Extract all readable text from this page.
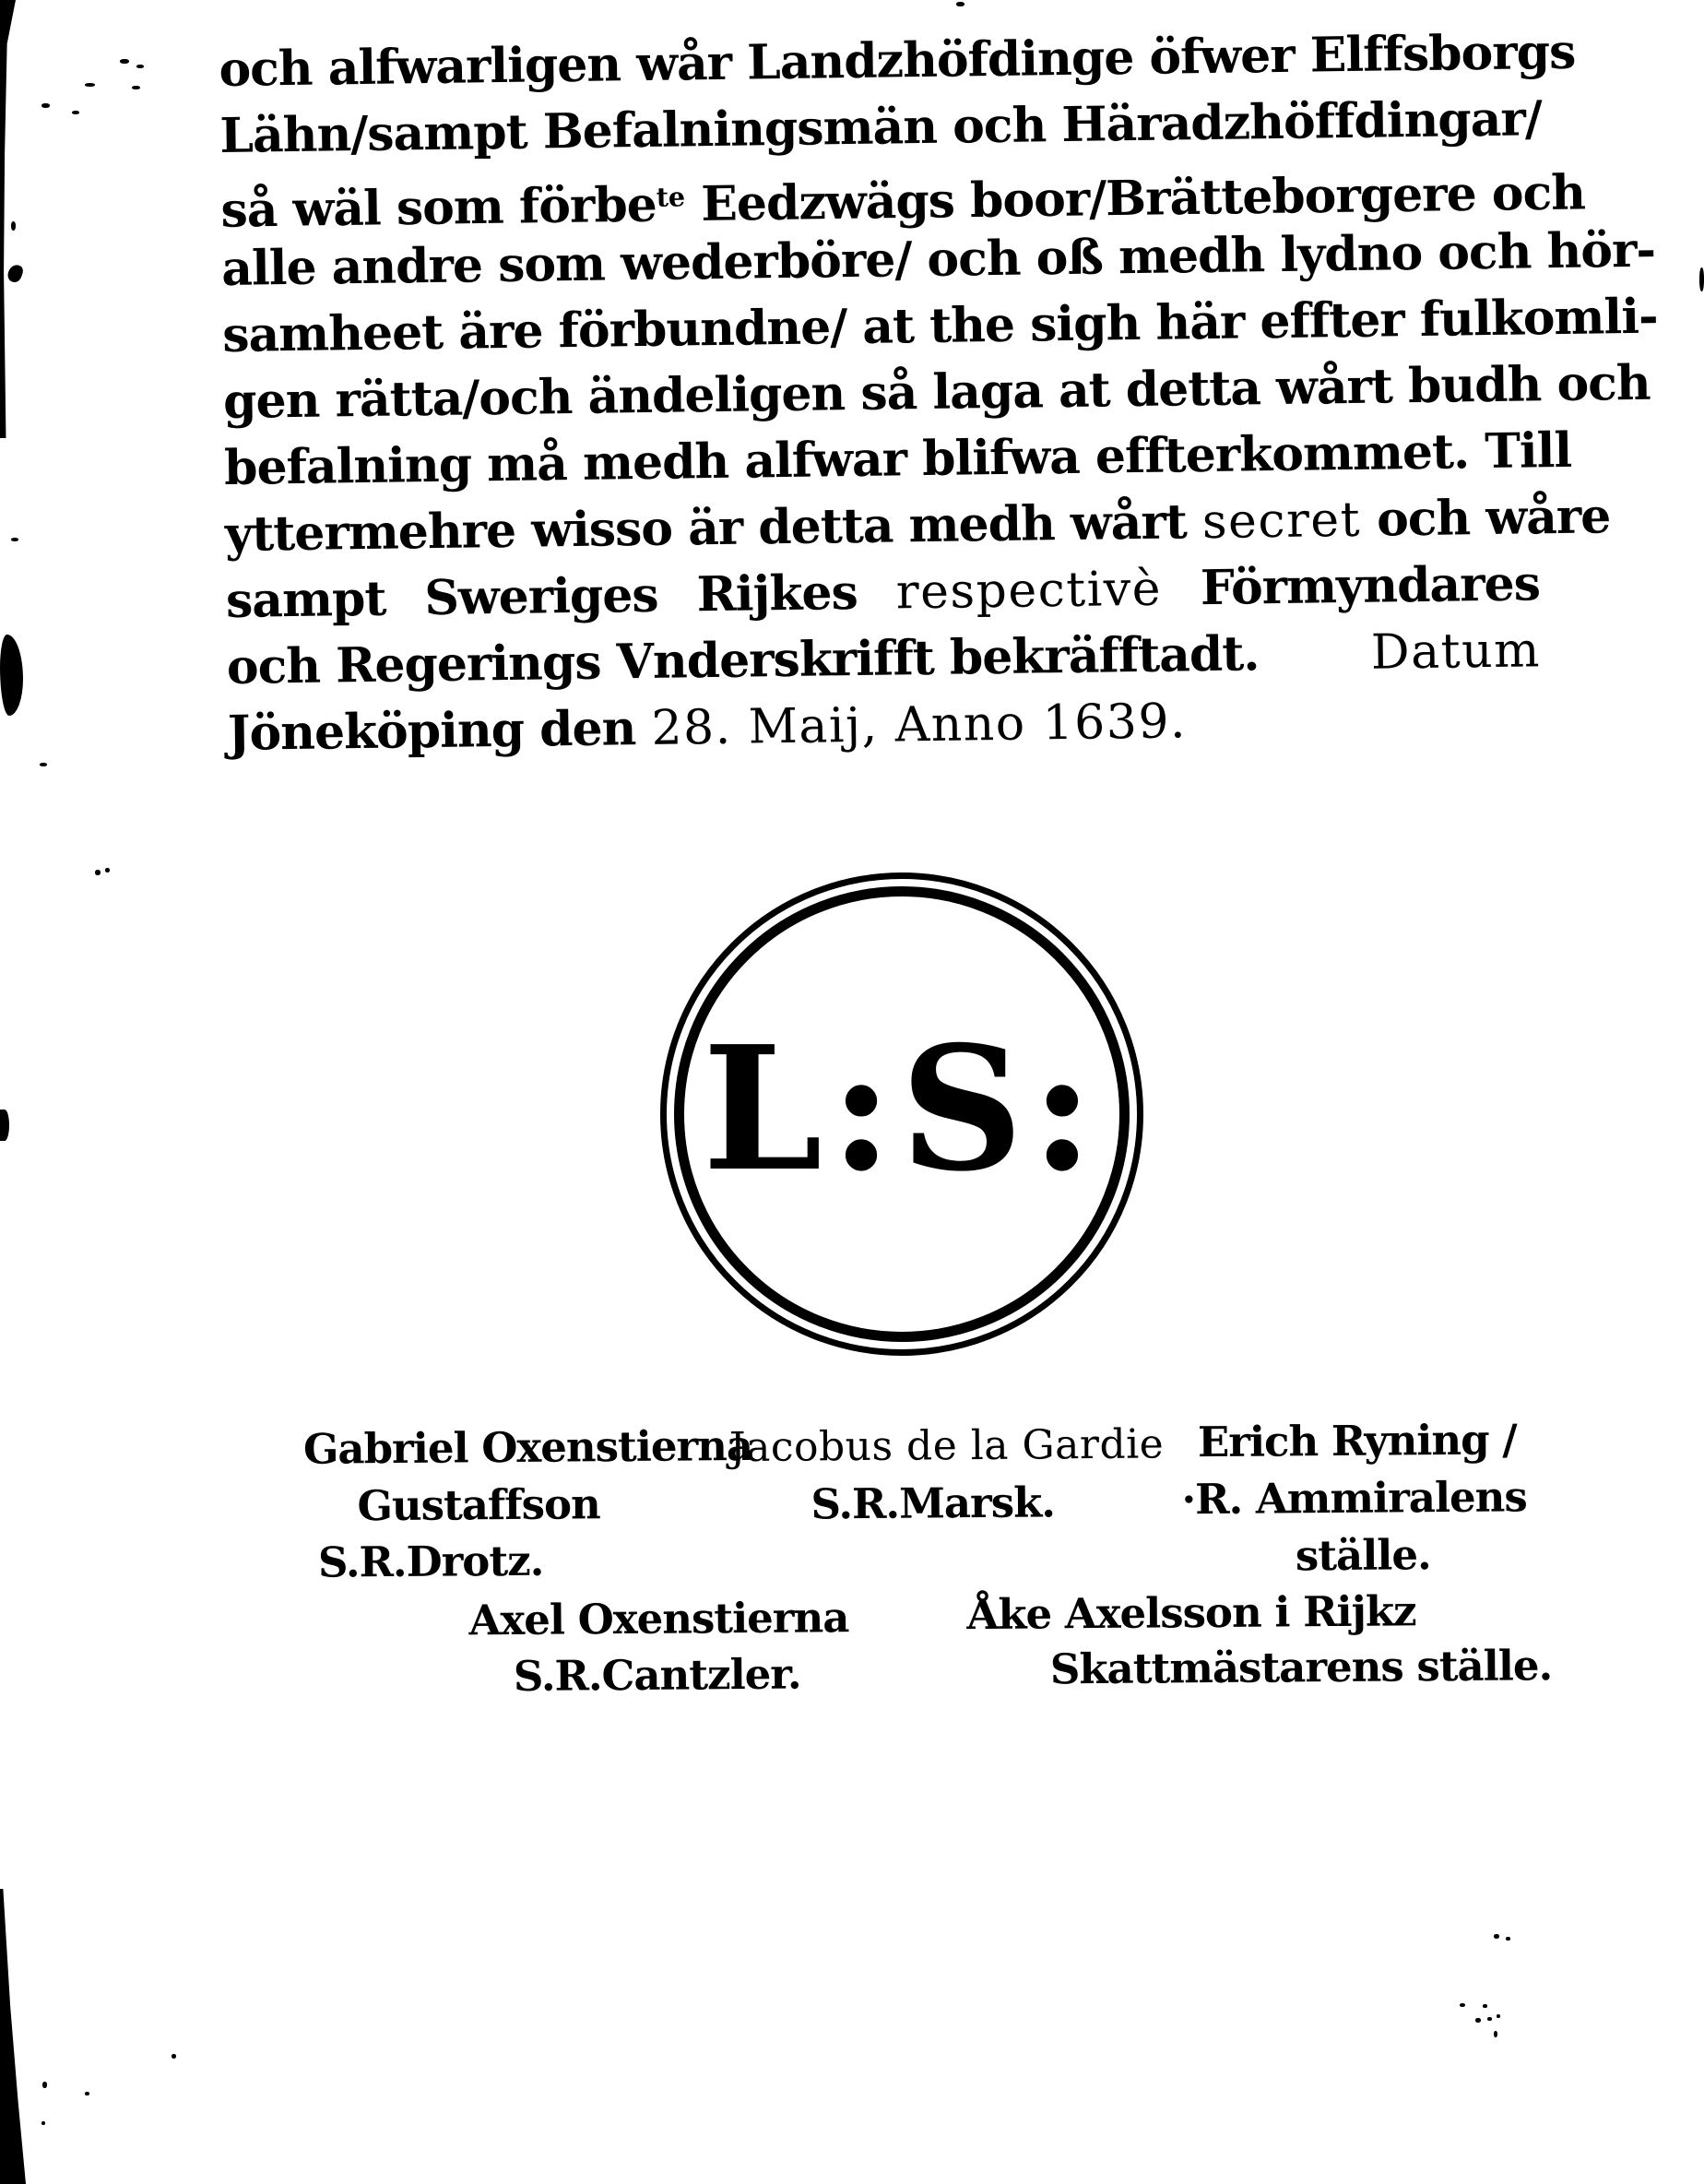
och alfwarligen wår Landzhöfdinge öfwer Elffsborgs
Lähn/sampt Befalningsmän och Häradzhöffdingar/
så wäl som förbe$^{te}$ Eedzwägs boor/Brätteborgere och
alle andre som wederböre/ och oß medh lydno och hör-
samheet äre förbundne/ at the sigh här effter fulkomli-
gen rätta/och ändeligen så laga at detta wårt budh och
befalning må medh alfwar blifwa effterkommet. Till
yttermehre wisso är detta medh wårt secret och wåre
sampt Sweriges Rijkes respectivè Förmyndares
och Regerings Vnderskrifft bekräfftadt. Datum
Jöneköping den 28. Maij, Anno 1639.
L:S:
Gabriel Oxenstierna
Gustaffson
S.R.Drotz.
Jacobus de la Gardie
S.R.Marsk.
Erich Ryning /
·R. Ammiralens
ställe.
Axel Oxenstierna
S.R.Cantzler.
Åke Axelsson i Rijkz
Skattmästarens ställe.
